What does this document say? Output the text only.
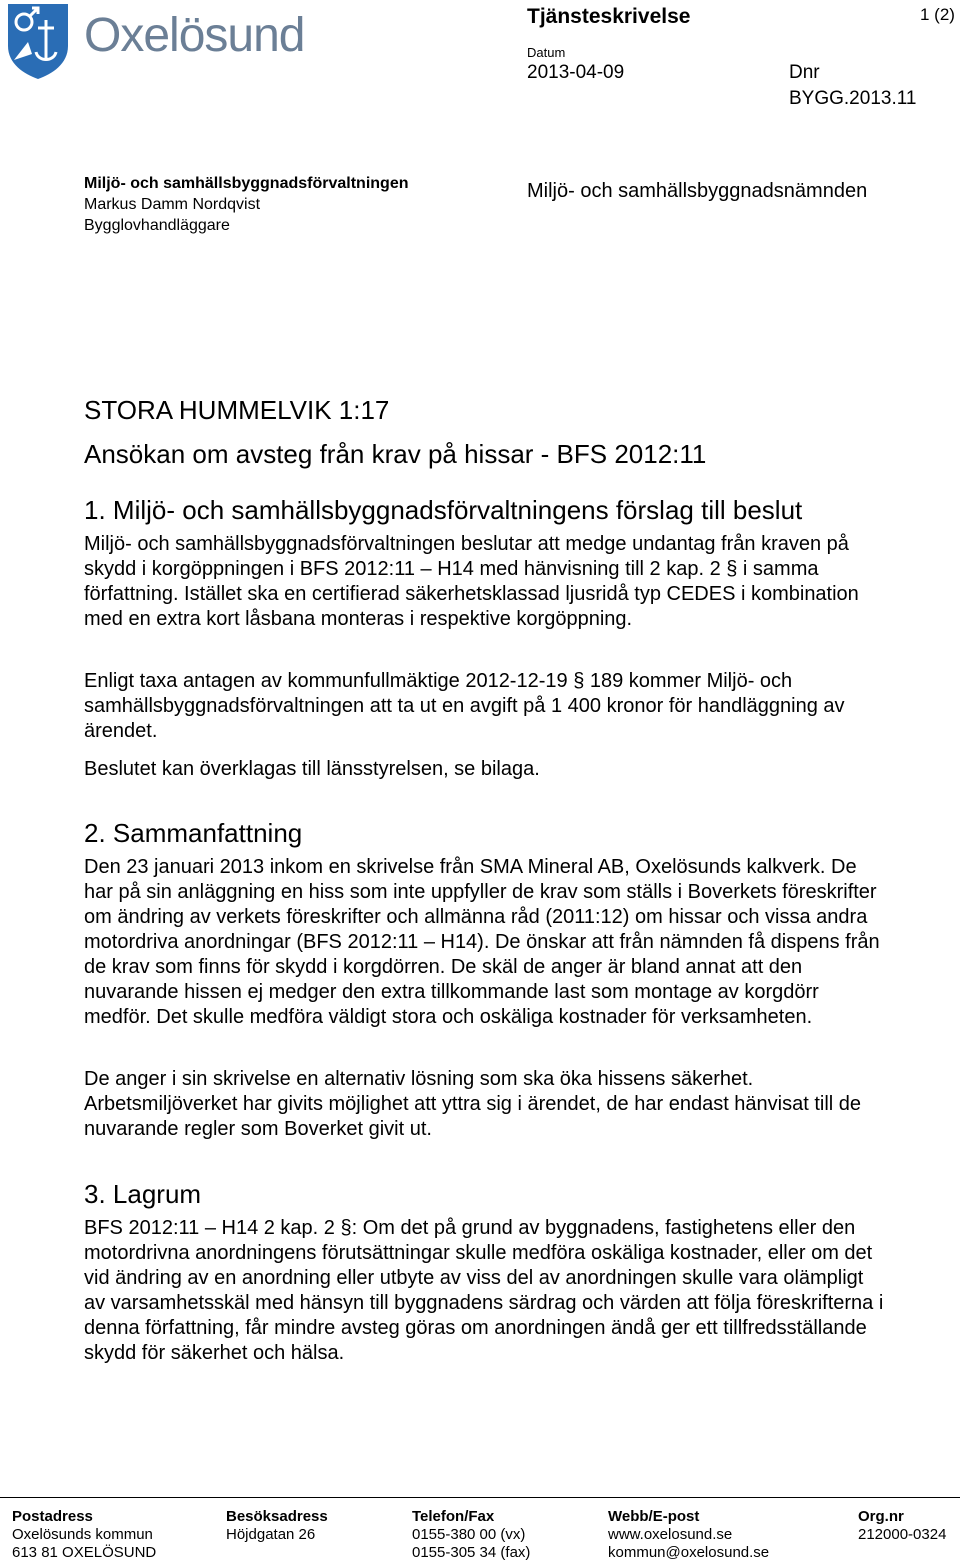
Oxelösund	Tjänsteskrivelse	1 (2)
Datum
2013-04-09	Dnr
BYGG.2013.11
Miljö- och samhällsbyggnadsförvaltningen
Markus Damm Nordqvist
Bygglovhandläggare
Miljö- och samhällsbyggnadsnämnden
STORA HUMMELVIK 1:17
Ansökan om avsteg från krav på hissar - BFS 2012:11
1. Miljö- och samhällsbyggnadsförvaltningens förslag till beslut
Miljö- och samhällsbyggnadsförvaltningen beslutar att medge undantag från kraven på skydd i korgöppningen i BFS 2012:11 – H14 med hänvisning till 2 kap. 2 § i samma författning. Istället ska en certifierad säkerhetsklassad ljusridå typ CEDES i kombination med en extra kort låsbana monteras i respektive korgöppning.
Enligt taxa antagen av kommunfullmäktige 2012-12-19 § 189 kommer Miljö- och samhällsbyggnadsförvaltningen att ta ut en avgift på 1 400 kronor för handläggning av ärendet.
Beslutet kan överklagas till länsstyrelsen, se bilaga.
2. Sammanfattning
Den 23 januari 2013 inkom en skrivelse från SMA Mineral AB, Oxelösunds kalkverk. De har på sin anläggning en hiss som inte uppfyller de krav som ställs i Boverkets föreskrifter om ändring av verkets föreskrifter och allmänna råd (2011:12) om hissar och vissa andra motordriva anordningar (BFS 2012:11 – H14). De önskar att från nämnden få dispens från de krav som finns för skydd i korgdörren. De skäl de anger är bland annat att den nuvarande hissen ej medger den extra tillkommande last som montage av korgdörr medför. Det skulle medföra väldigt stora och oskäliga kostnader för verksamheten.
De anger i sin skrivelse en alternativ lösning som ska öka hissens säkerhet. Arbetsmiljöverket har givits möjlighet att yttra sig i ärendet, de har endast hänvisat till de nuvarande regler som Boverket givit ut.
3. Lagrum
BFS 2012:11 – H14 2 kap. 2 §: Om det på grund av byggnadens, fastighetens eller den motordrivna anordningens förutsättningar skulle medföra oskäliga kostnader, eller om det vid ändring av en anordning eller utbyte av viss del av anordningen skulle vara olämpligt av varsamhetsskäl med hänsyn till byggnadens särdrag och värden att följa föreskrifterna i denna författning, får mindre avsteg göras om anordningen ändå ger ett tillfredsställande skydd för säkerhet och hälsa.
Postadress
Oxelösunds kommun
613 81 OXELÖSUND
Besöksadress
Höjdgatan 26
Telefon/Fax
0155-380 00 (vx)
0155-305 34 (fax)
Webb/E-post
www.oxelosund.se
kommun@oxelosund.se
Org.nr
212000-0324
